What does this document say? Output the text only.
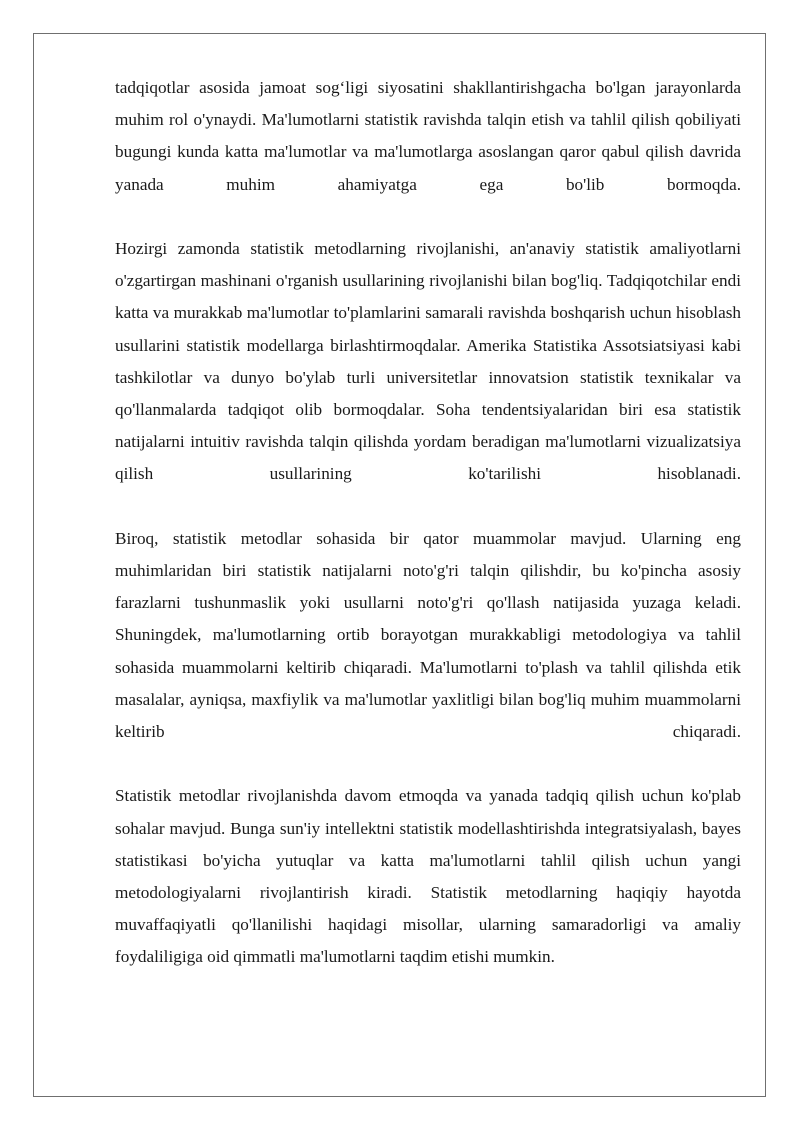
tadqiqotlar asosida jamoat sog‘ligi siyosatini shakllantirishgacha bo'lgan jarayonlarda muhim rol o'ynaydi. Ma'lumotlarni statistik ravishda talqin etish va tahlil qilish qobiliyati bugungi kunda katta ma'lumotlar va ma'lumotlarga asoslangan qaror qabul qilish davrida yanada muhim ahamiyatga ega bo'lib bormoqda.

Hozirgi zamonda statistik metodlarning rivojlanishi, an'anaviy statistik amaliyotlarni o'zgartirgan mashinani o'rganish usullarining rivojlanishi bilan bog'liq. Tadqiqotchilar endi katta va murakkab ma'lumotlar to'plamlarini samarali ravishda boshqarish uchun hisoblash usullarini statistik modellarga birlashtirmoqdalar. Amerika Statistika Assotsiatsiyasi kabi tashkilotlar va dunyo bo'ylab turli universitetlar innovatsion statistik texnikalar va qo'llanmalarda tadqiqot olib bormoqdalar. Soha tendentsiyalaridan biri esa statistik natijalarni intuitiv ravishda talqin qilishda yordam beradigan ma'lumotlarni vizualizatsiya qilish usullarining ko'tarilishi hisoblanadi.

Biroq, statistik metodlar sohasida bir qator muammolar mavjud. Ularning eng muhimlaridan biri statistik natijalarni noto'g'ri talqin qilishdir, bu ko'pincha asosiy farazlarni tushunmaslik yoki usullarni noto'g'ri qo'llash natijasida yuzaga keladi. Shuningdek, ma'lumotlarning ortib borayotgan murakkabligi metodologiya va tahlil sohasida muammolarni keltirib chiqaradi. Ma'lumotlarni to'plash va tahlil qilishda etik masalalar, ayniqsa, maxfiylik va ma'lumotlar yaxlitligi bilan bog'liq muhim muammolarni keltirib chiqaradi.

Statistik metodlar rivojlanishda davom etmoqda va yanada tadqiq qilish uchun ko'plab sohalar mavjud. Bunga sun'iy intellektni statistik modellashtirishda integratsiyalash, bayes statistikasi bo'yicha yutuqlar va katta ma'lumotlarni tahlil qilish uchun yangi metodologiyalarni rivojlantirish kiradi. Statistik metodlarning haqiqiy hayotda muvaffaqiyatli qo'llanilishi haqidagi misollar, ularning samaradorligi va amaliy foydaliligiga oid qimmatli ma'lumotlarni taqdim etishi mumkin.
